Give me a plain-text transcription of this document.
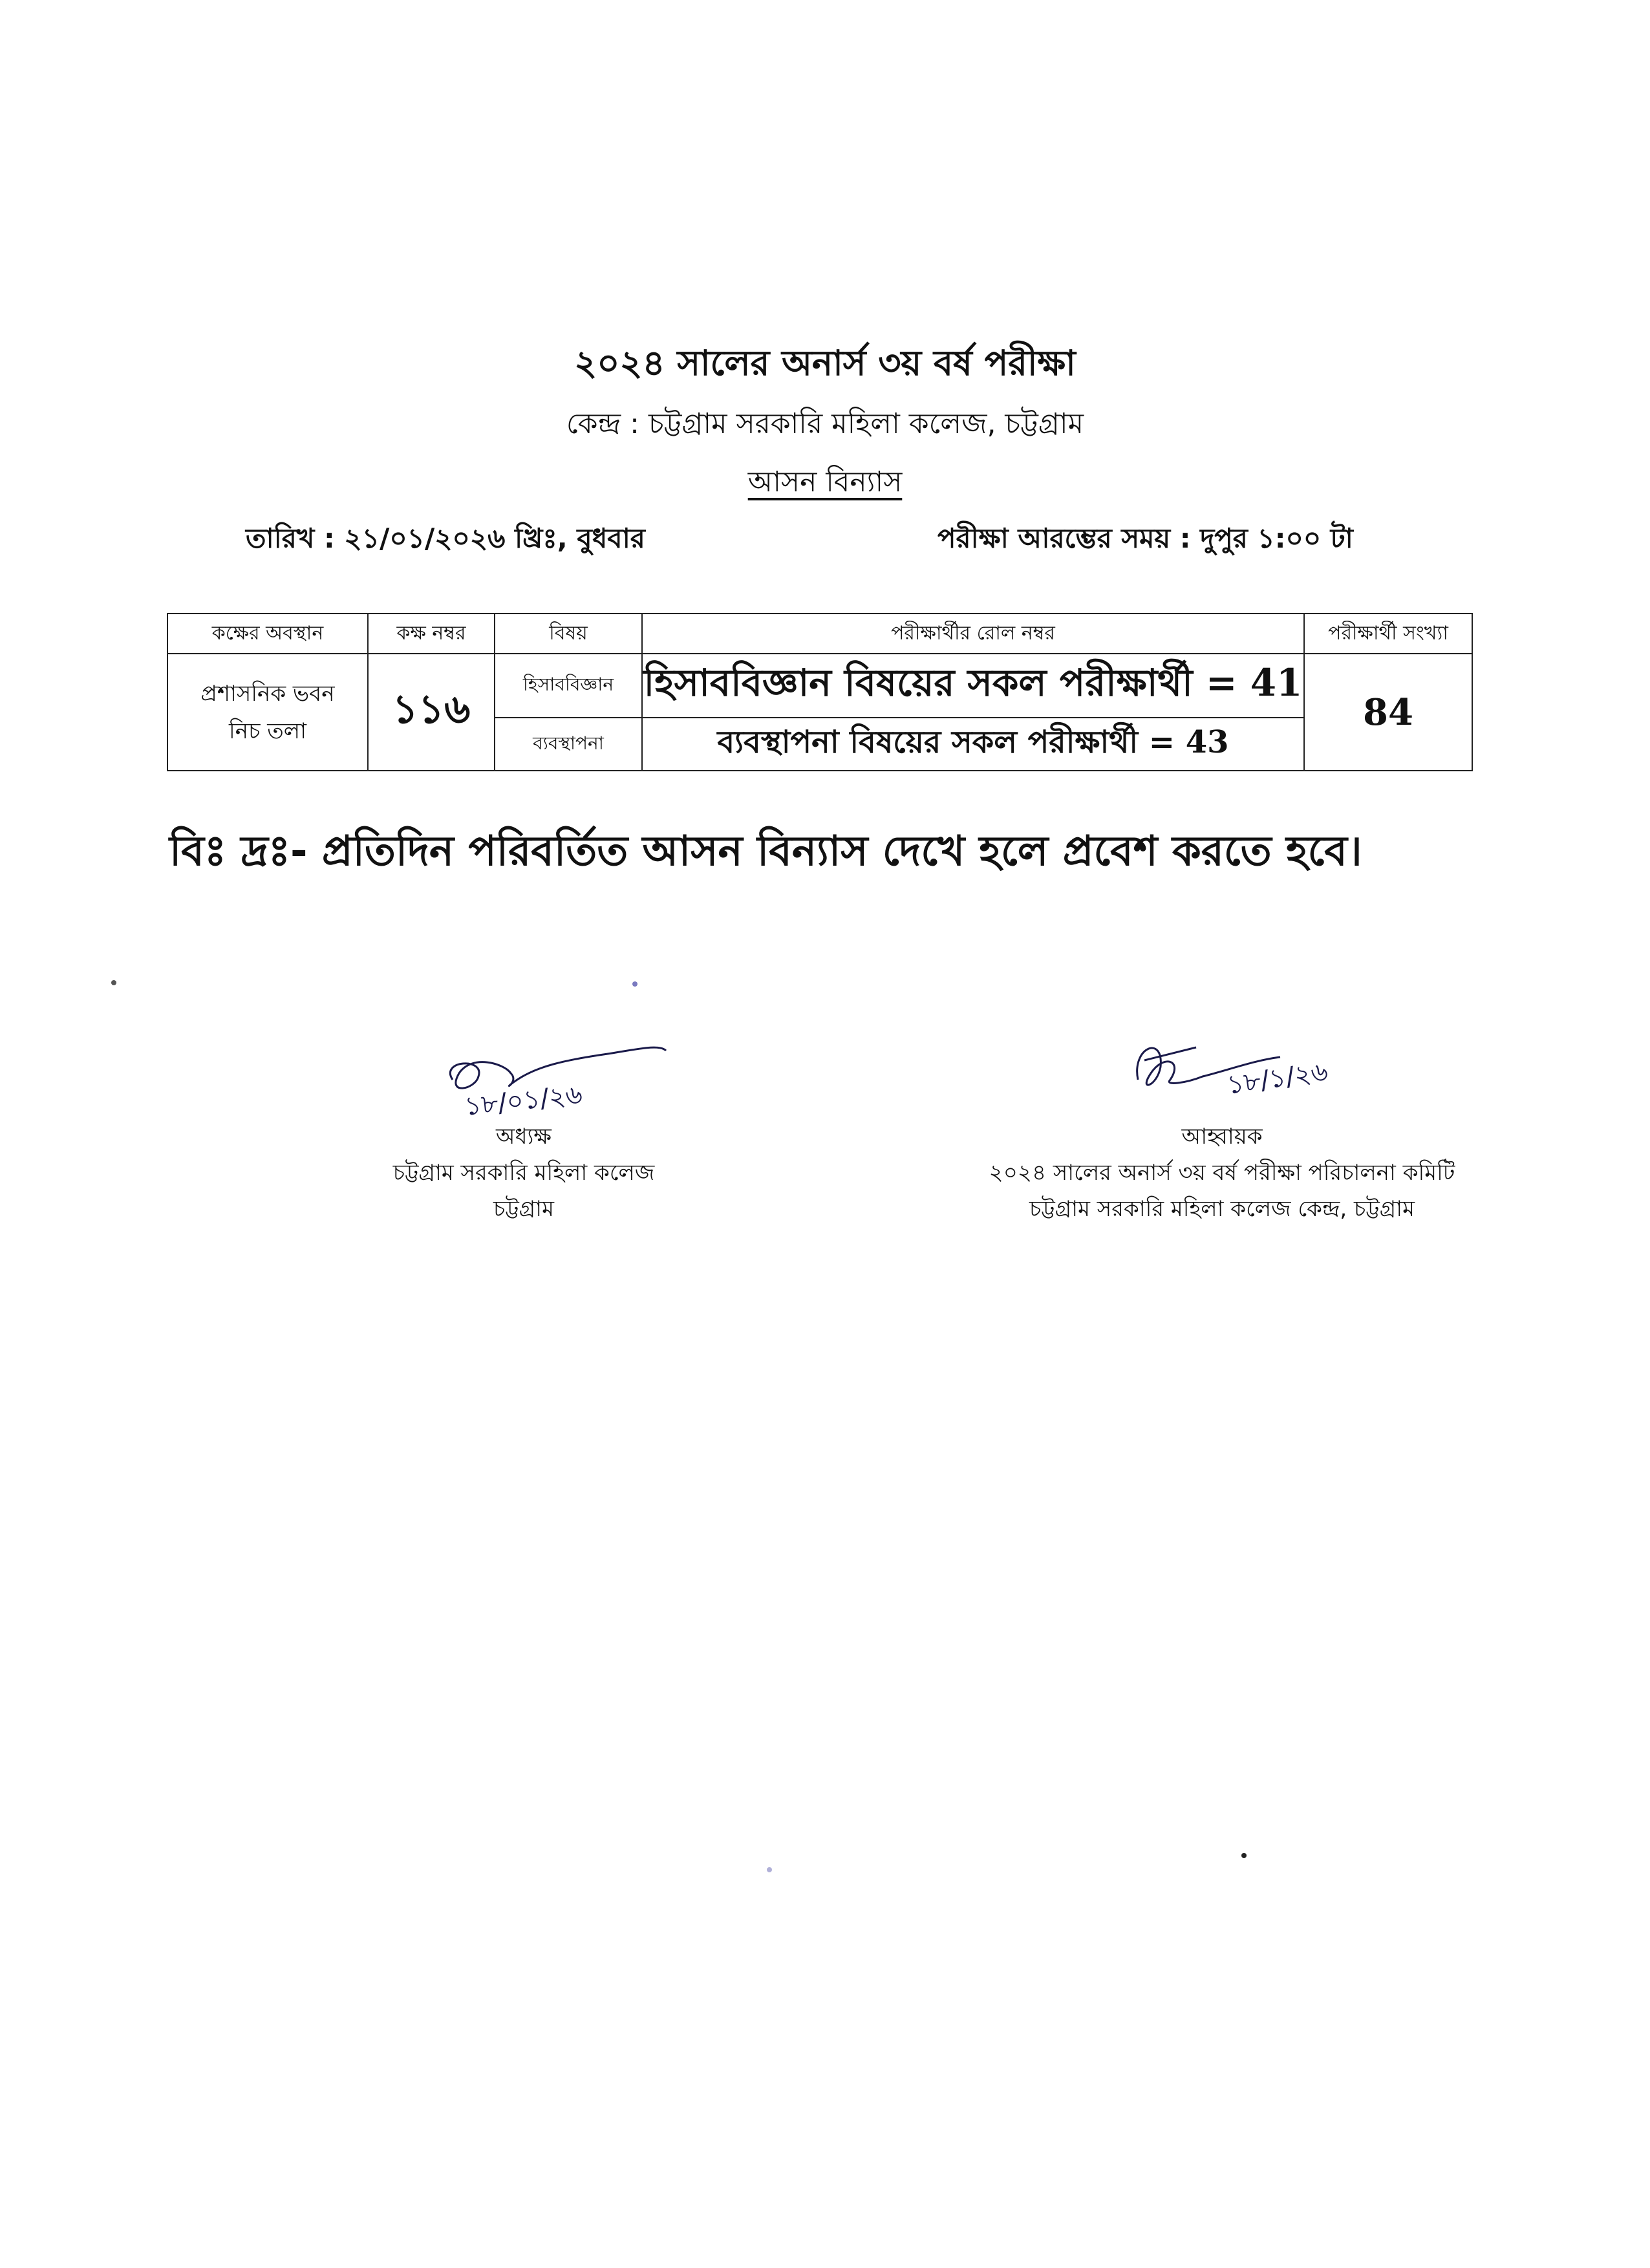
২০২৪ সালের অনার্স ৩য় বর্ষ পরীক্ষা
কেন্দ্র : চট্টগ্রাম সরকারি মহিলা কলেজ, চট্টগ্রাম
আসন বিন্যাস
তারিখ : ২১/০১/২০২৬ খ্রিঃ, বুধবার	পরীক্ষা আরম্ভের সময় : দুপুর ১:০০ টা
কক্ষের অবস্থান	কক্ষ নম্বর	বিষয়	পরীক্ষার্থীর রোল নম্বর	পরীক্ষার্থী সংখ্যা

প্রশাসনিক ভবন
নিচ তলা	১১৬	হিসাববিজ্ঞান	হিসাববিজ্ঞান বিষয়ের সকল পরীক্ষার্থী = 41	84
		ব্যবস্থাপনা	ব্যবস্থাপনা বিষয়ের সকল পরীক্ষার্থী = 43	
বিঃ দ্রঃ- প্রতিদিন পরিবর্তিত আসন বিন্যাস দেখে হলে প্রবেশ করতে হবে।
১৮/০১/২৬
১৮/১/২৬
অধ্যক্ষ
চট্টগ্রাম সরকারি মহিলা কলেজ
চট্টগ্রাম
আহ্বায়ক
২০২৪ সালের অনার্স ৩য় বর্ষ পরীক্ষা পরিচালনা কমিটি
চট্টগ্রাম সরকারি মহিলা কলেজ কেন্দ্র, চট্টগ্রাম
